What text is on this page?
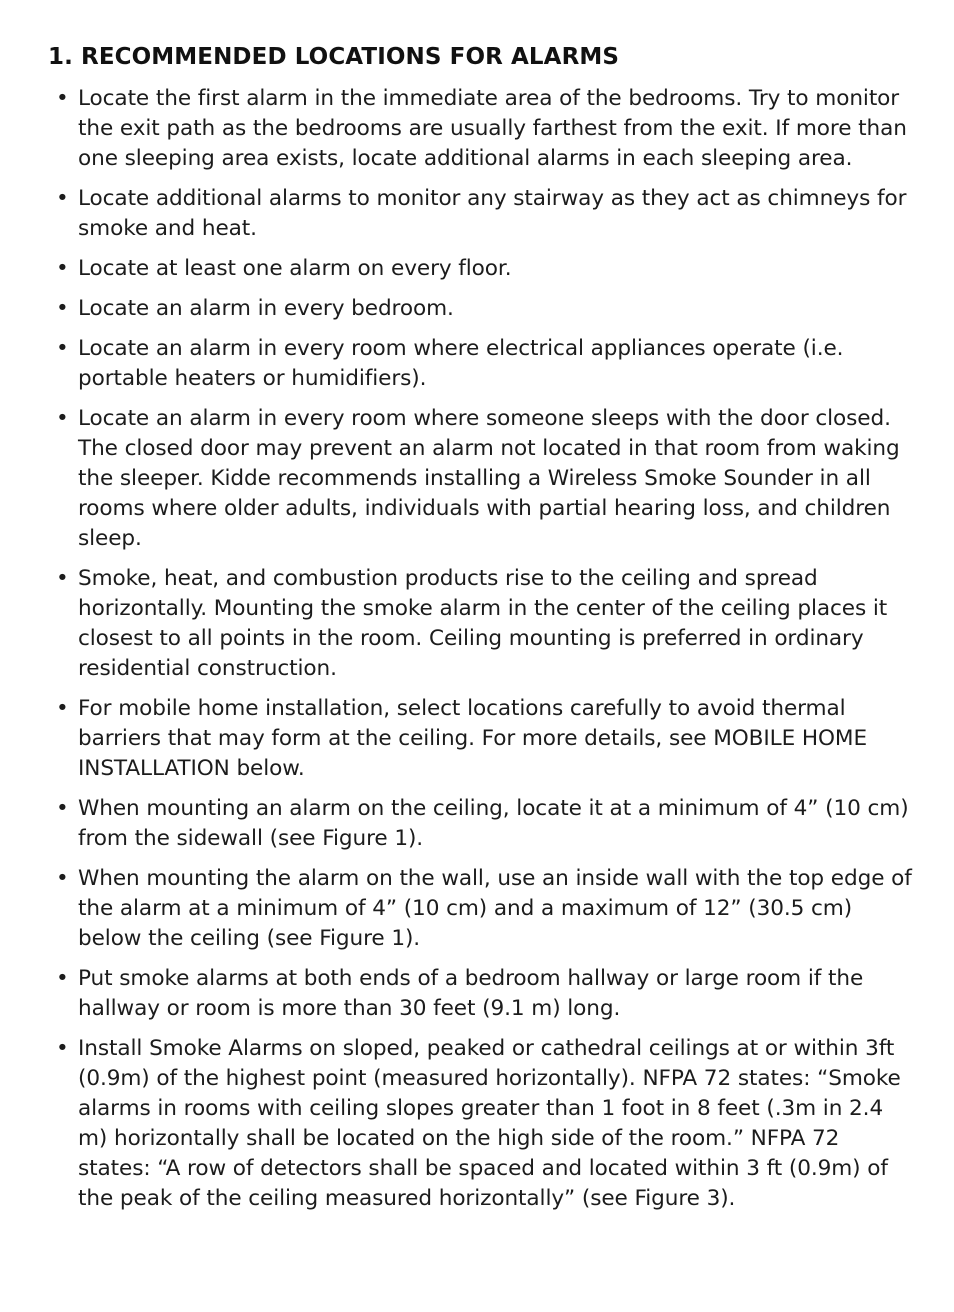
1. RECOMMENDED LOCATIONS FOR ALARMS
• Locate the first alarm in the immediate area of the bedrooms. Try to monitor the exit path as the bedrooms are usually farthest from the exit. If more than one sleeping area exists, locate additional alarms in each sleeping area.
• Locate additional alarms to monitor any stairway as they act as chimneys for smoke and heat.
• Locate at least one alarm on every floor.
• Locate an alarm in every bedroom.
• Locate an alarm in every room where electrical appliances operate (i.e. portable heaters or humidifiers).
• Locate an alarm in every room where someone sleeps with the door closed. The closed door may prevent an alarm not located in that room from waking the sleeper. Kidde recommends installing a Wireless Smoke Sounder in all rooms where older adults, individuals with partial hearing loss, and children sleep.
• Smoke, heat, and combustion products rise to the ceiling and spread horizontally. Mounting the smoke alarm in the center of the ceiling places it closest to all points in the room. Ceiling mounting is preferred in ordinary residential construction.
• For mobile home installation, select locations carefully to avoid thermal barriers that may form at the ceiling. For more details, see MOBILE HOME INSTALLATION below.
• When mounting an alarm on the ceiling, locate it at a minimum of 4” (10 cm) from the sidewall (see Figure 1).
• When mounting the alarm on the wall, use an inside wall with the top edge of the alarm at a minimum of 4” (10 cm) and a maximum of 12” (30.5 cm) below the ceiling (see Figure 1).
• Put smoke alarms at both ends of a bedroom hallway or large room if the hallway or room is more than 30 feet (9.1 m) long.
• Install Smoke Alarms on sloped, peaked or cathedral ceilings at or within 3ft (0.9m) of the highest point (measured horizontally). NFPA 72 states: “Smoke alarms in rooms with ceiling slopes greater than 1 foot in 8 feet (.3m in 2.4 m) horizontally shall be located on the high side of the room.” NFPA 72 states: “A row of detectors shall be spaced and located within 3 ft (0.9m) of the peak of the ceiling measured horizontally” (see Figure 3).
